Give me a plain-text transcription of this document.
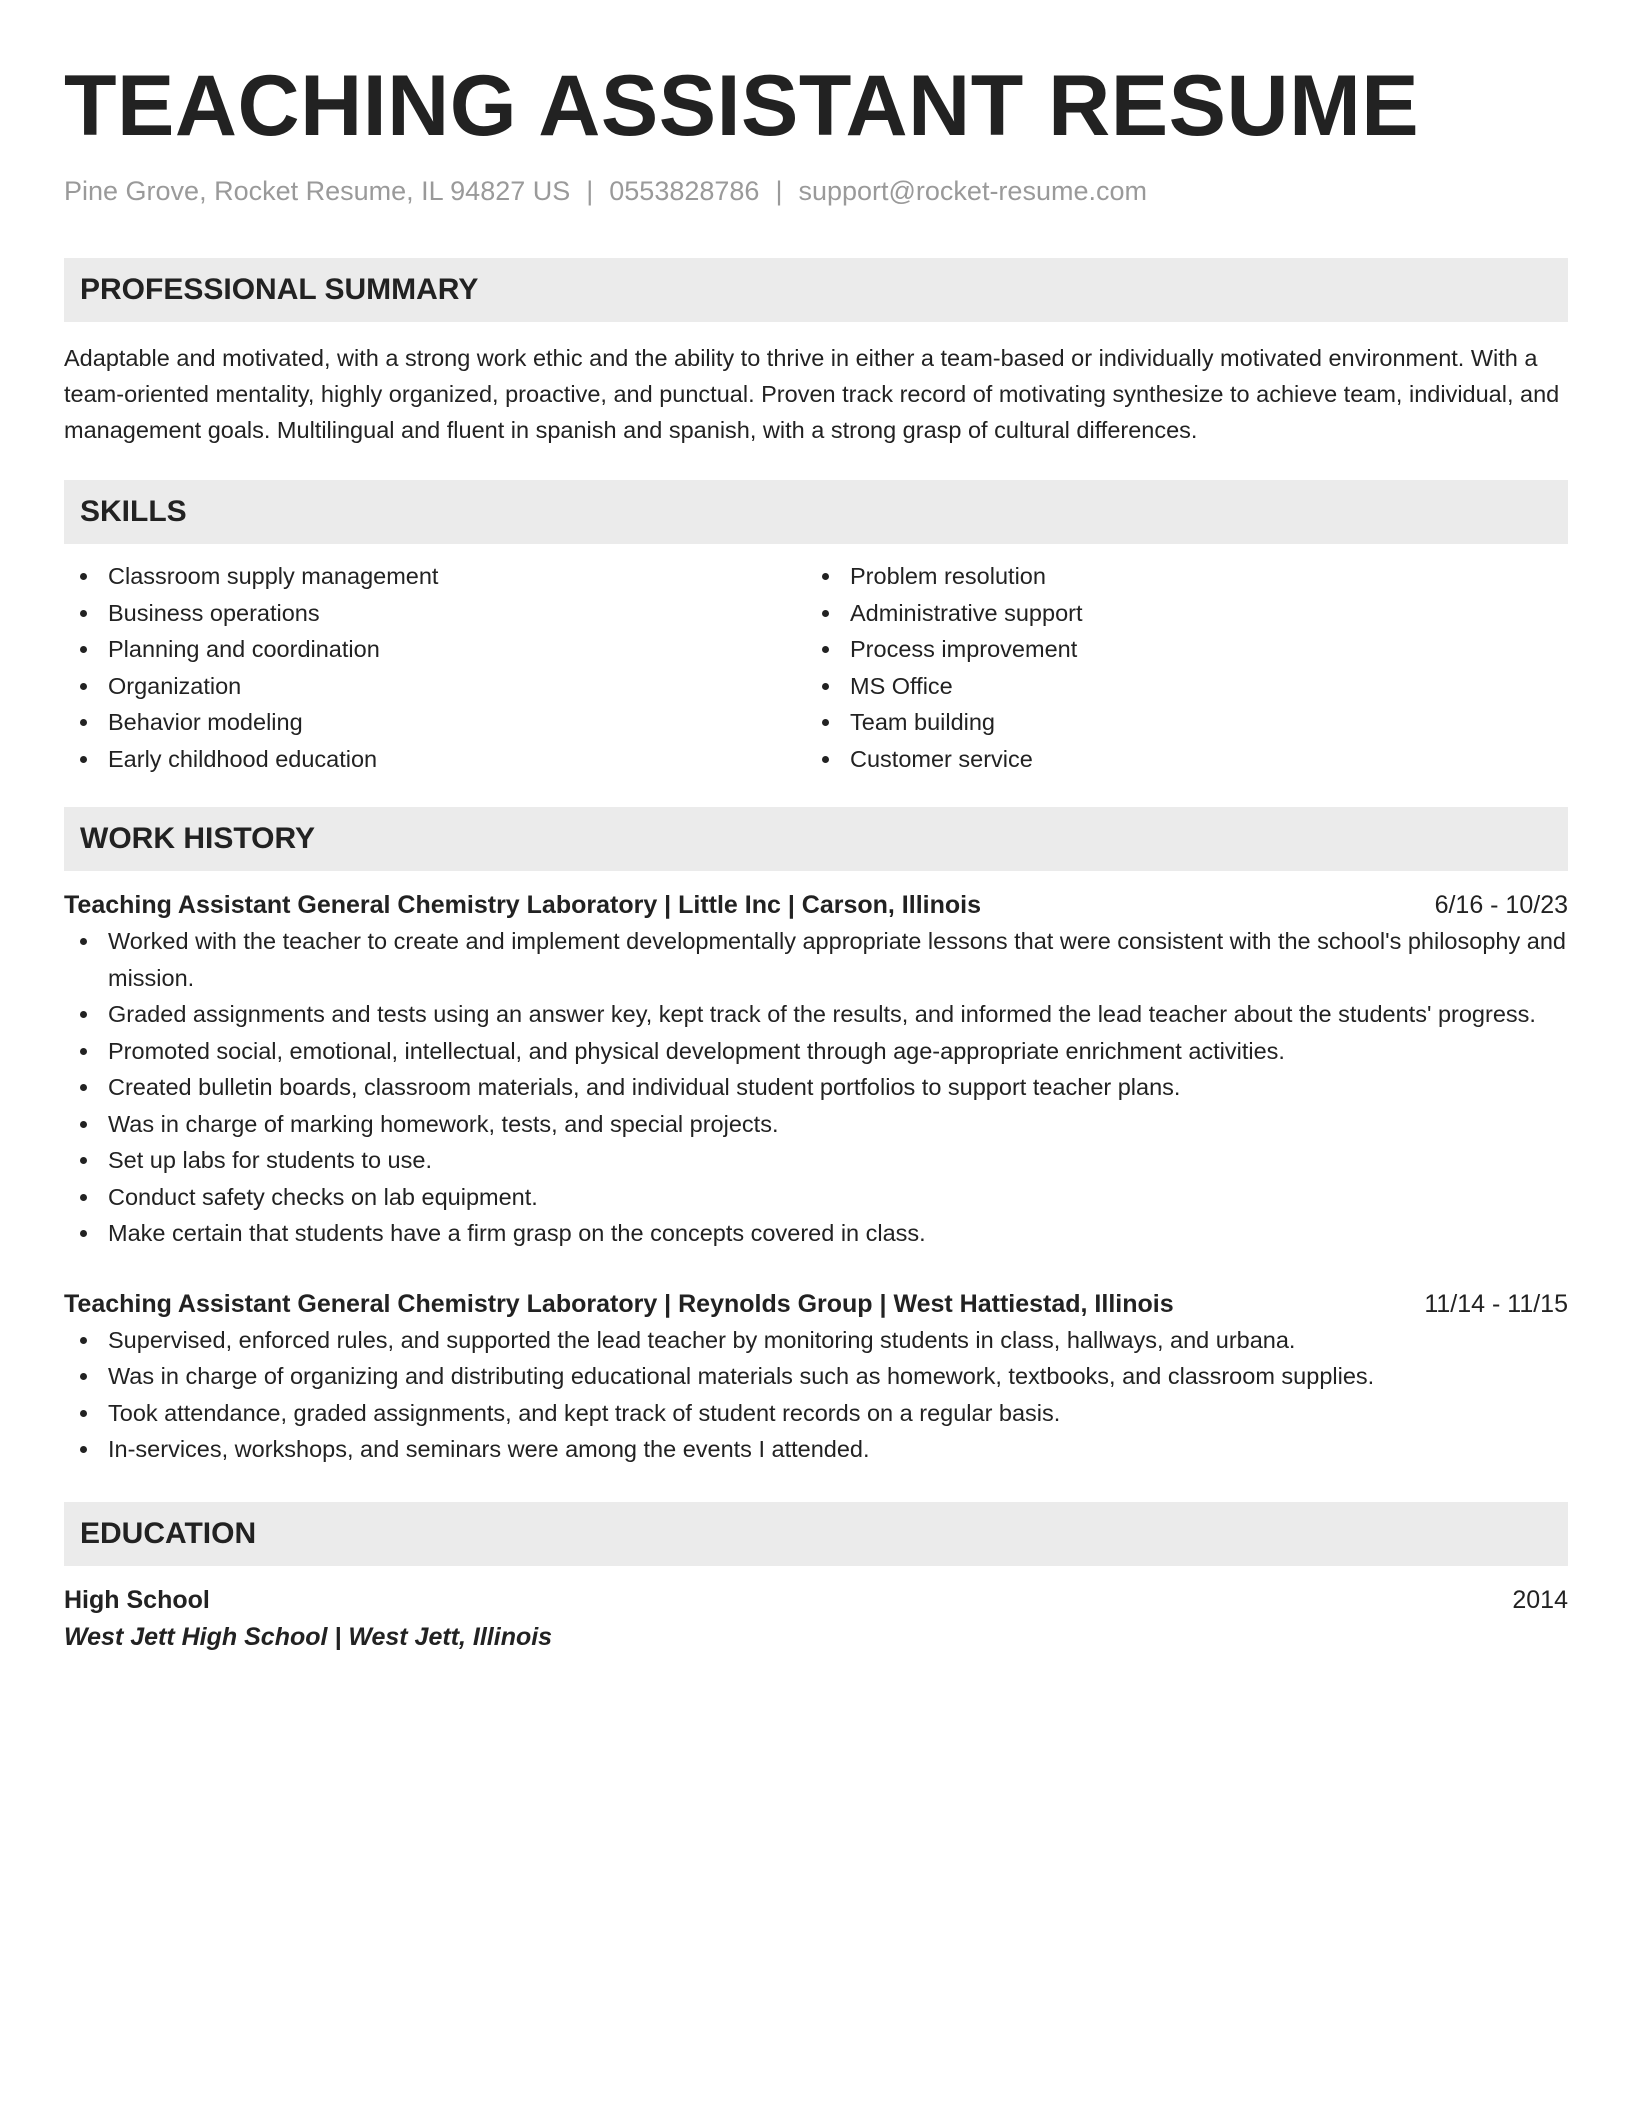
TEACHING ASSISTANT RESUME
Pine Grove, Rocket Resume, IL 94827 US | 0553828786 | support@rocket-resume.com
PROFESSIONAL SUMMARY
Adaptable and motivated, with a strong work ethic and the ability to thrive in either a team-based or individually motivated environment. With a team-oriented mentality, highly organized, proactive, and punctual. Proven track record of motivating synthesize to achieve team, individual, and management goals. Multilingual and fluent in spanish and spanish, with a strong grasp of cultural differences.
SKILLS
Classroom supply management
Business operations
Planning and coordination
Organization
Behavior modeling
Early childhood education
Problem resolution
Administrative support
Process improvement
MS Office
Team building
Customer service
WORK HISTORY
Teaching Assistant General Chemistry Laboratory | Little Inc | Carson, Illinois	6/16 - 10/23
Worked with the teacher to create and implement developmentally appropriate lessons that were consistent with the school's philosophy and mission.
Graded assignments and tests using an answer key, kept track of the results, and informed the lead teacher about the students' progress.
Promoted social, emotional, intellectual, and physical development through age-appropriate enrichment activities.
Created bulletin boards, classroom materials, and individual student portfolios to support teacher plans.
Was in charge of marking homework, tests, and special projects.
Set up labs for students to use.
Conduct safety checks on lab equipment.
Make certain that students have a firm grasp on the concepts covered in class.
Teaching Assistant General Chemistry Laboratory | Reynolds Group | West Hattiestad, Illinois	11/14 - 11/15
Supervised, enforced rules, and supported the lead teacher by monitoring students in class, hallways, and urbana.
Was in charge of organizing and distributing educational materials such as homework, textbooks, and classroom supplies.
Took attendance, graded assignments, and kept track of student records on a regular basis.
In-services, workshops, and seminars were among the events I attended.
EDUCATION
High School	2014
West Jett High School | West Jett, Illinois
